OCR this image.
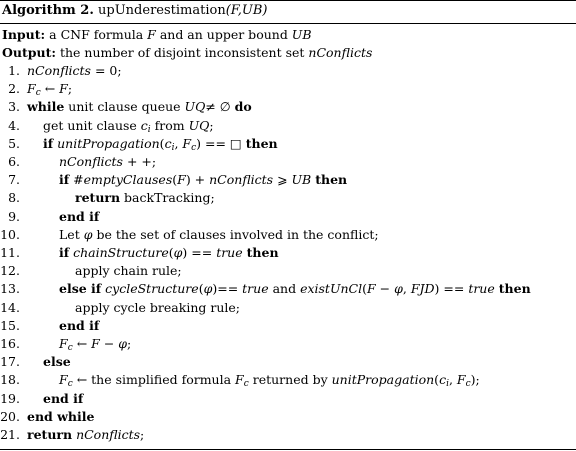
Algorithm 2. upUnderestimation(F,UB)
Input: a CNF formula F and an upper bound UB
Output: the number of disjoint inconsistent set nConflicts
1. nConflicts = 0;
2. $F_c$ ← F;
3. while unit clause queue UQ≠ ∅ do
4. get unit clause $c_i$ from UQ;
5. if $unitPropagation(c_i$, $F_c$) == □ then
6.	nConflicts + +;
7.	if #emptyClauses(F) + nConflicts ⩾ UB then
8.	return backTracking;
9.	end if
10.	Let φ be the set of clauses involved in the conflict;
11.	if chainStructure(φ) == true then
12.	apply chain rule;
13.	else if cycleStructure(φ)== true and existUnCl(F − φ, FJD) == true then
14.	apply cycle breaking rule;
15.	end if
16.	$F_c$ ← F − φ;
17. else
18.	$F_c$ ← the simplified formula $F_c$ returned by $unitPropagation(c_i$, $F_c$);
19. end if
20. end while
21. return nConflicts;
